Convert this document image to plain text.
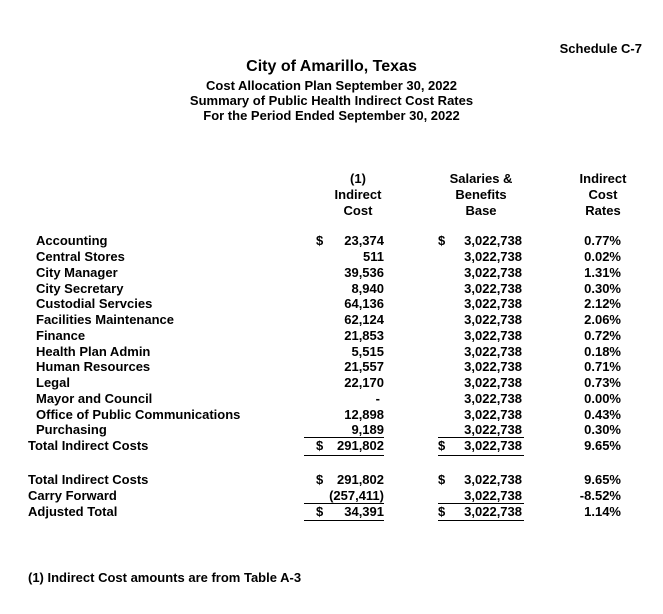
Schedule C-7
City of Amarillo, Texas
Cost Allocation Plan September 30, 2022
Summary of Public Health Indirect Cost Rates
For the Period Ended September 30, 2022
(1)
Indirect
Cost
Salaries &
Benefits
Base
Indirect
Cost
Rates
Accounting	$ 23,374	$ 3,022,738	0.77%
Central Stores	511	3,022,738	0.02%
City Manager	39,536	3,022,738	1.31%
City Secretary	8,940	3,022,738	0.30%
Custodial Servcies	64,136	3,022,738	2.12%
Facilities Maintenance	62,124	3,022,738	2.06%
Finance	21,853	3,022,738	0.72%
Health Plan Admin	5,515	3,022,738	0.18%
Human Resources	21,557	3,022,738	0.71%
Legal	22,170	3,022,738	0.73%
Mayor and Council	-	3,022,738	0.00%
Office of Public Communications	12,898	3,022,738	0.43%
Purchasing	9,189	3,022,738	0.30%
Total Indirect Costs	$ 291,802	$ 3,022,738	9.65%
Total Indirect Costs	$ 291,802	$ 3,022,738	9.65%
Carry Forward	(257,411)	3,022,738	-8.52%
Adjusted Total	$ 34,391	$ 3,022,738	1.14%
(1) Indirect Cost amounts are from Table A-3
